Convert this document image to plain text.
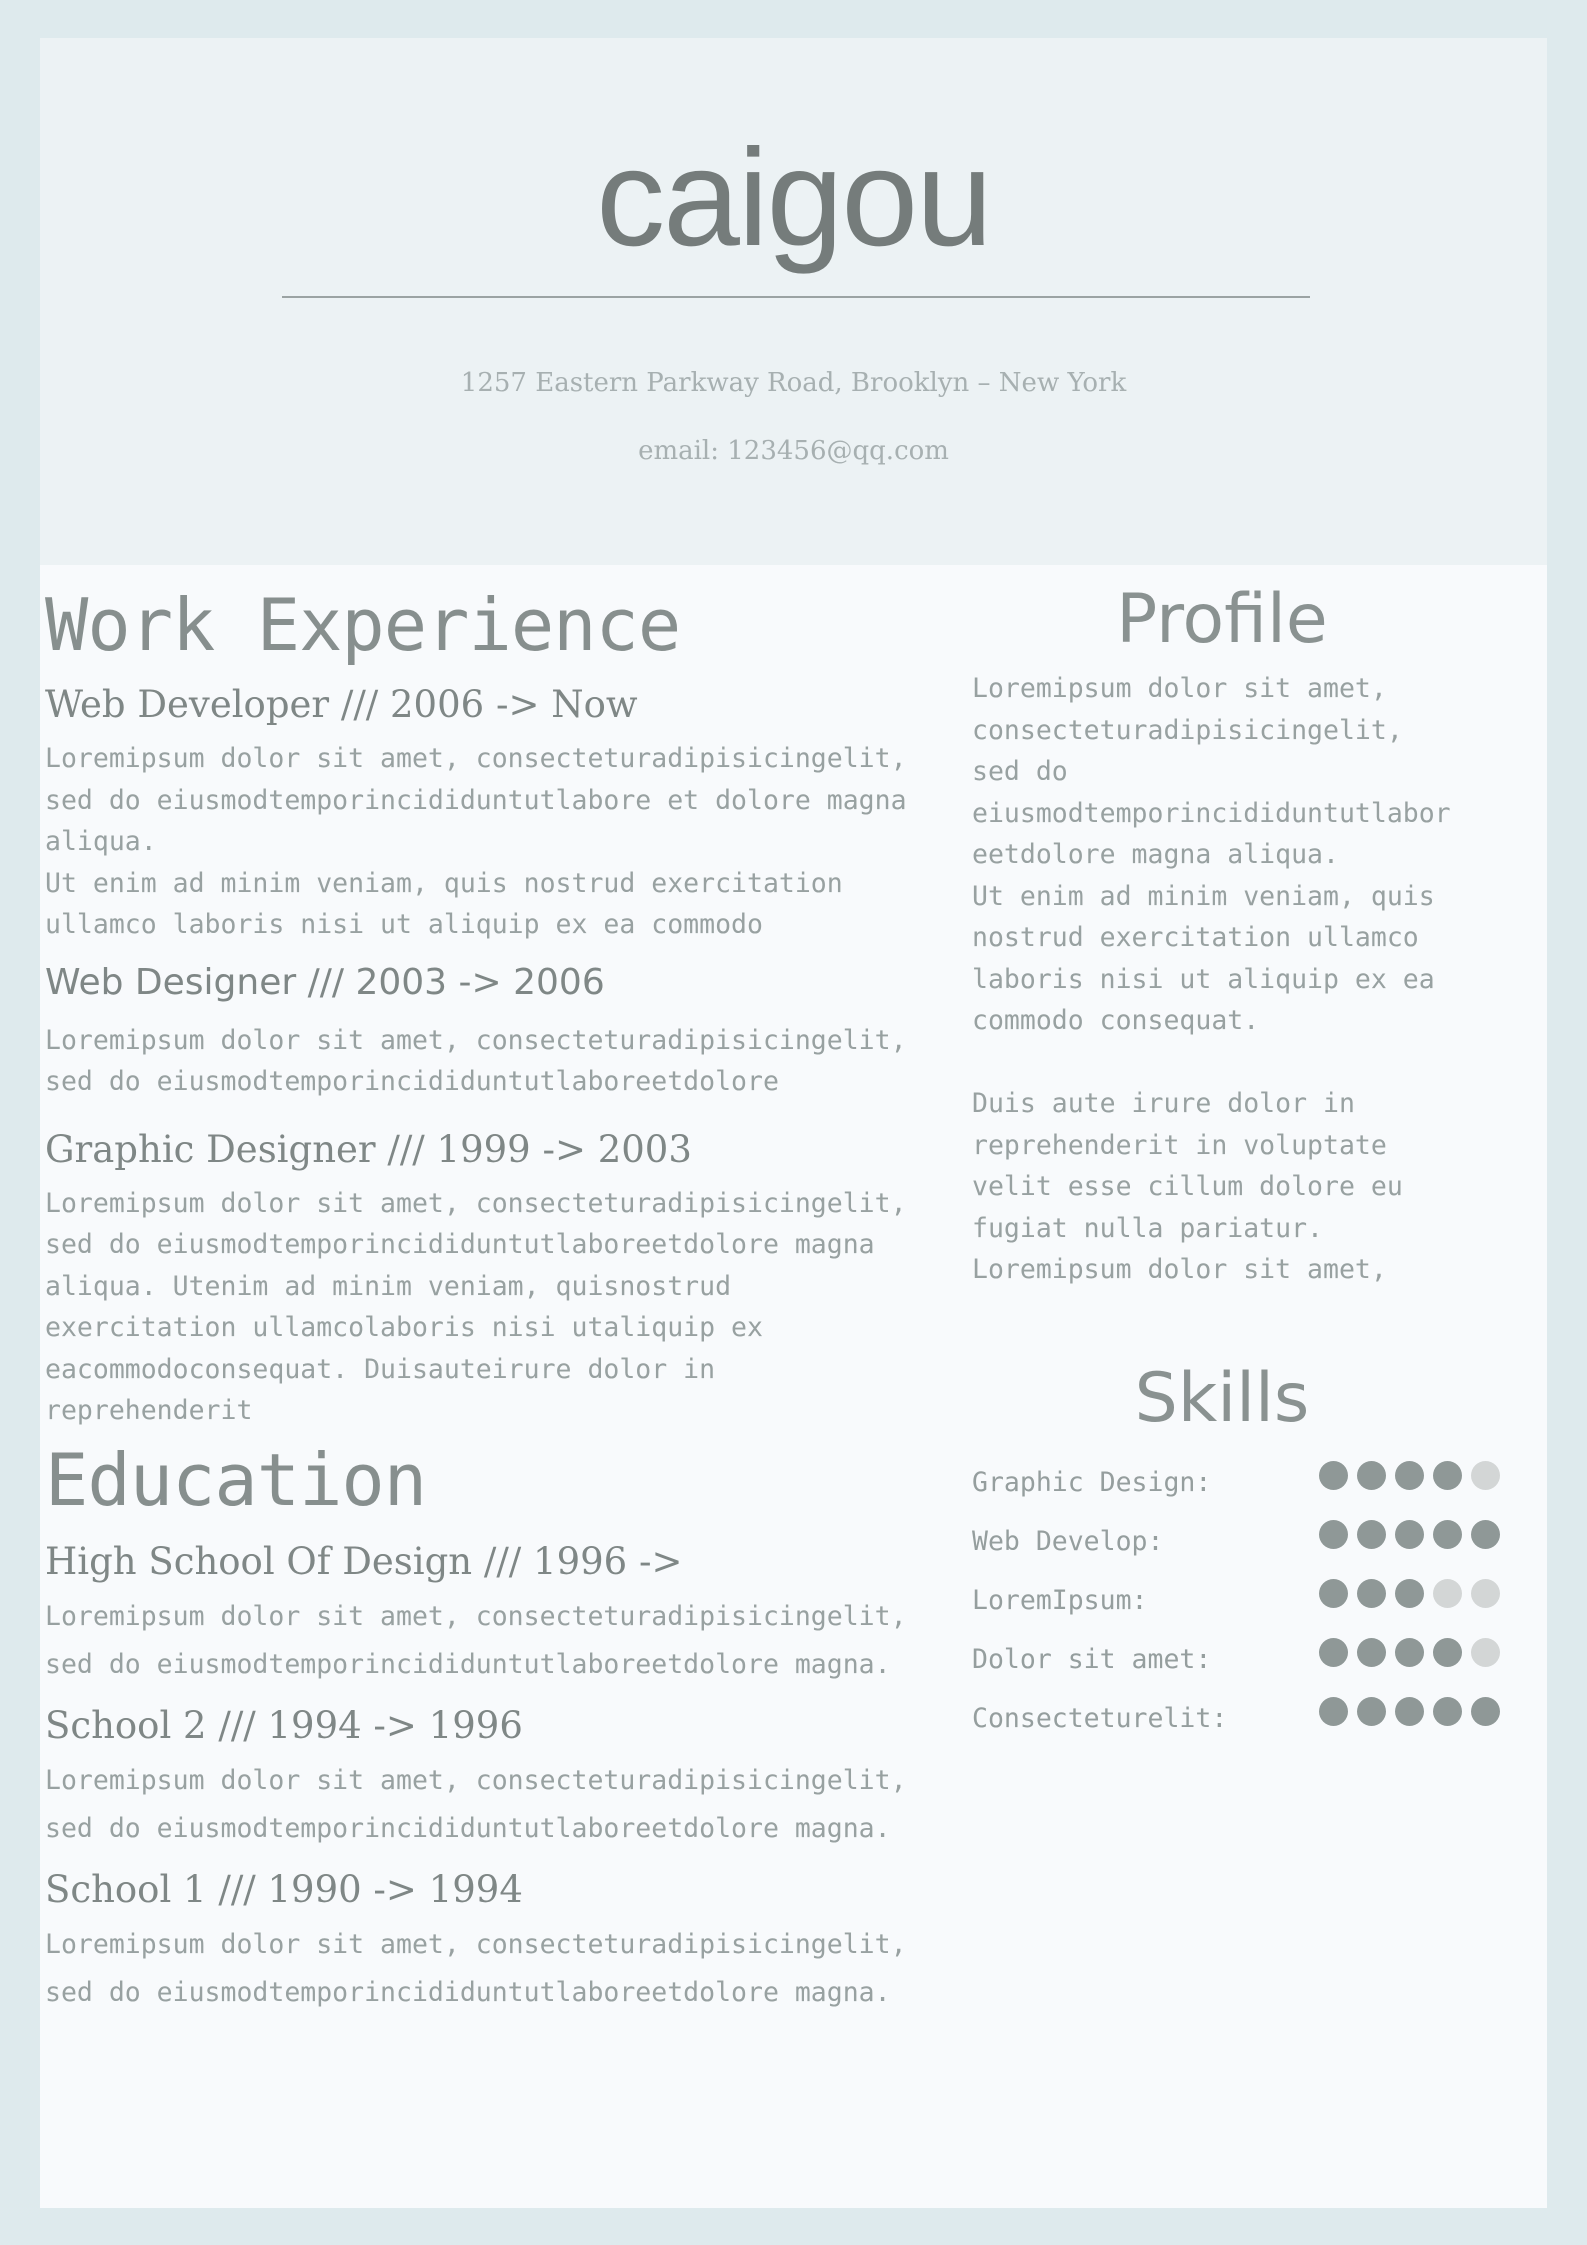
caigou
1257 Eastern Parkway Road, Brooklyn – New York
email: 123456@qq.com
Work Experience
Web Developer /// 2006 -> Now

Loremipsum dolor sit amet, consecteturadipisicingelit,
sed do eiusmodtemporincididuntutlabore et dolore magna
aliqua.
Ut enim ad minim veniam, quis nostrud exercitation
ullamco laboris nisi ut aliquip ex ea commodo

Web Designer /// 2003 -> 2006

Loremipsum dolor sit amet, consecteturadipisicingelit,
sed do eiusmodtemporincididuntutlaboreetdolore

Graphic Designer /// 1999 -> 2003

Loremipsum dolor sit amet, consecteturadipisicingelit,
sed do eiusmodtemporincididuntutlaboreetdolore magna
aliqua. Utenim ad minim veniam, quisnostrud
exercitation ullamcolaboris nisi utaliquip ex
eacommodoconsequat. Duisauteirure dolor in
reprehenderit

Education
High School Of Design /// 1996 ->

Loremipsum dolor sit amet, consecteturadipisicingelit,
sed do eiusmodtemporincididuntutlaboreetdolore magna.

School 2 /// 1994 -> 1996

Loremipsum dolor sit amet, consecteturadipisicingelit,
sed do eiusmodtemporincididuntutlaboreetdolore magna.

School 1 /// 1990 -> 1994

Loremipsum dolor sit amet, consecteturadipisicingelit,
sed do eiusmodtemporincididuntutlaboreetdolore magna.

Profile

Loremipsum dolor sit amet,
consecteturadipisicingelit,
sed do
eiusmodtemporincididuntutlabor
eetdolore magna aliqua.
Ut enim ad minim veniam, quis
nostrud exercitation ullamco
laboris nisi ut aliquip ex ea
commodo consequat.

Duis aute irure dolor in
reprehenderit in voluptate
velit esse cillum dolore eu
fugiat nulla pariatur.
Loremipsum dolor sit amet,

Skills
Graphic Design:
Web Develop:
LoremIpsum:
Dolor sit amet:
Consecteturelit:
